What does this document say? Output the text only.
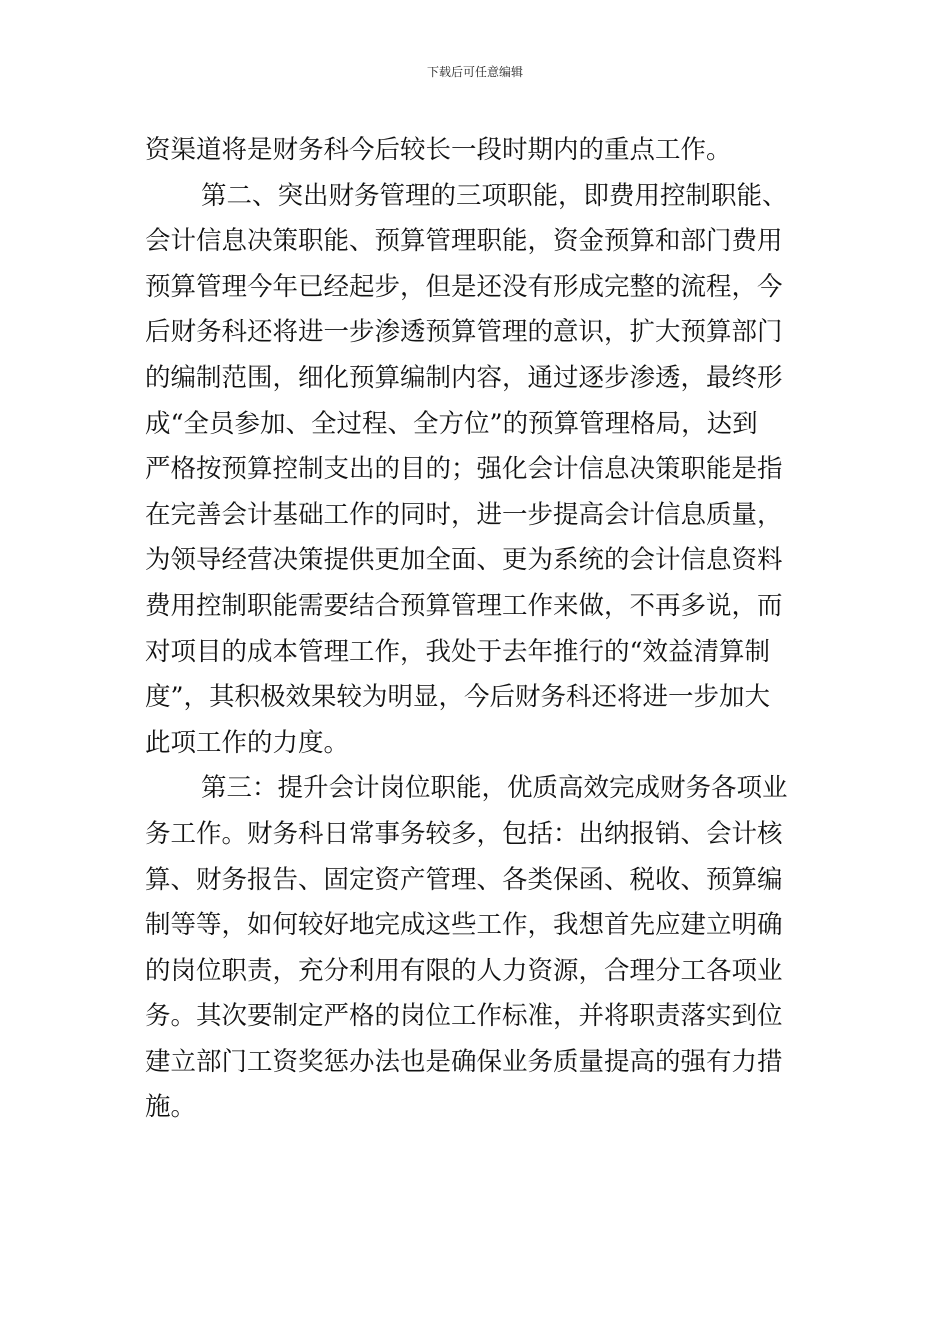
下载后可任意编辑
资渠道将是财务科今后较长一段时期内的重点工作。
第二、突出财务管理的三项职能，即费用控制职能、
会计信息决策职能、预算管理职能，资金预算和部门费用
预算管理今年已经起步，但是还没有形成完整的流程，今
后财务科还将进一步渗透预算管理的意识，扩大预算部门
的编制范围，细化预算编制内容，通过逐步渗透，最终形
成“全员参加、全过程、全方位”的预算管理格局，达到
严格按预算控制支出的目的；强化会计信息决策职能是指
在完善会计基础工作的同时，进一步提高会计信息质量，
为领导经营决策提供更加全面、更为系统的会计信息资料
费用控制职能需要结合预算管理工作来做，不再多说，而
对项目的成本管理工作，我处于去年推行的“效益清算制
度”，其积极效果较为明显，今后财务科还将进一步加大
此项工作的力度。
第三：提升会计岗位职能，优质高效完成财务各项业
务工作。财务科日常事务较多，包括：出纳报销、会计核
算、财务报告、固定资产管理、各类保函、税收、预算编
制等等，如何较好地完成这些工作，我想首先应建立明确
的岗位职责，充分利用有限的人力资源，合理分工各项业
务。其次要制定严格的岗位工作标准，并将职责落实到位
建立部门工资奖惩办法也是确保业务质量提高的强有力措
施。
